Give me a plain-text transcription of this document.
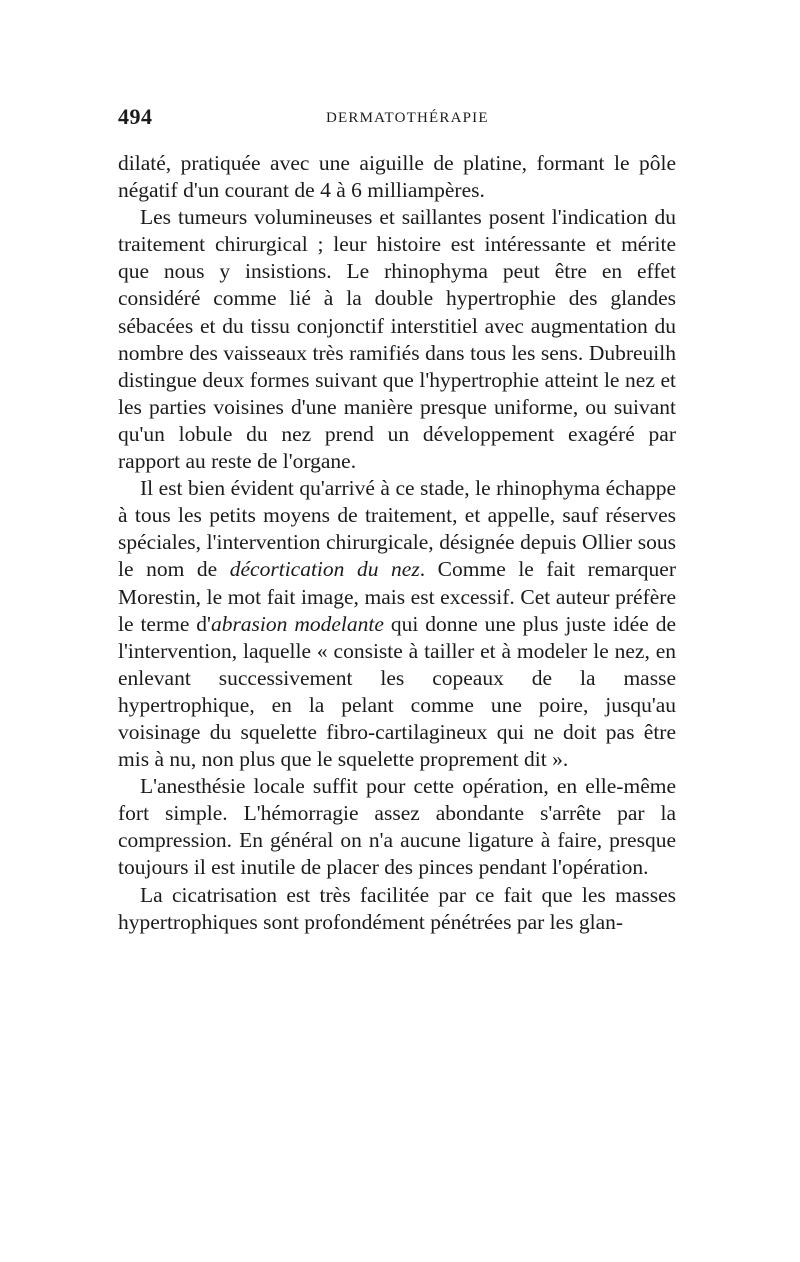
494	DERMATOTHÉRAPIE

dilaté, pratiquée avec une aiguille de platine, formant le pôle négatif d'un courant de 4 à 6 milliampères.

Les tumeurs volumineuses et saillantes posent l'indication du traitement chirurgical ; leur histoire est intéressante et mérite que nous y insistions. Le rhinophyma peut être en effet considéré comme lié à la double hypertrophie des glandes sébacées et du tissu conjonctif interstitiel avec augmentation du nombre des vaisseaux très ramifiés dans tous les sens. Dubreuilh distingue deux formes suivant que l'hypertrophie atteint le nez et les parties voisines d'une manière presque uniforme, ou suivant qu'un lobule du nez prend un développement exagéré par rapport au reste de l'organe.

Il est bien évident qu'arrivé à ce stade, le rhinophyma échappe à tous les petits moyens de traitement, et appelle, sauf réserves spéciales, l'intervention chirurgicale, désignée depuis Ollier sous le nom de décortication du nez. Comme le fait remarquer Morestin, le mot fait image, mais est excessif. Cet auteur préfère le terme d'abrasion modelante qui donne une plus juste idée de l'intervention, laquelle « consiste à tailler et à modeler le nez, en enlevant successivement les copeaux de la masse hypertrophique, en la pelant comme une poire, jusqu'au voisinage du squelette fibro-cartilagineux qui ne doit pas être mis à nu, non plus que le squelette proprement dit ».

L'anesthésie locale suffit pour cette opération, en elle-même fort simple. L'hémorragie assez abondante s'arrête par la compression. En général on n'a aucune ligature à faire, presque toujours il est inutile de placer des pinces pendant l'opération.

La cicatrisation est très facilitée par ce fait que les masses hypertrophiques sont profondément pénétrées par les glan-
